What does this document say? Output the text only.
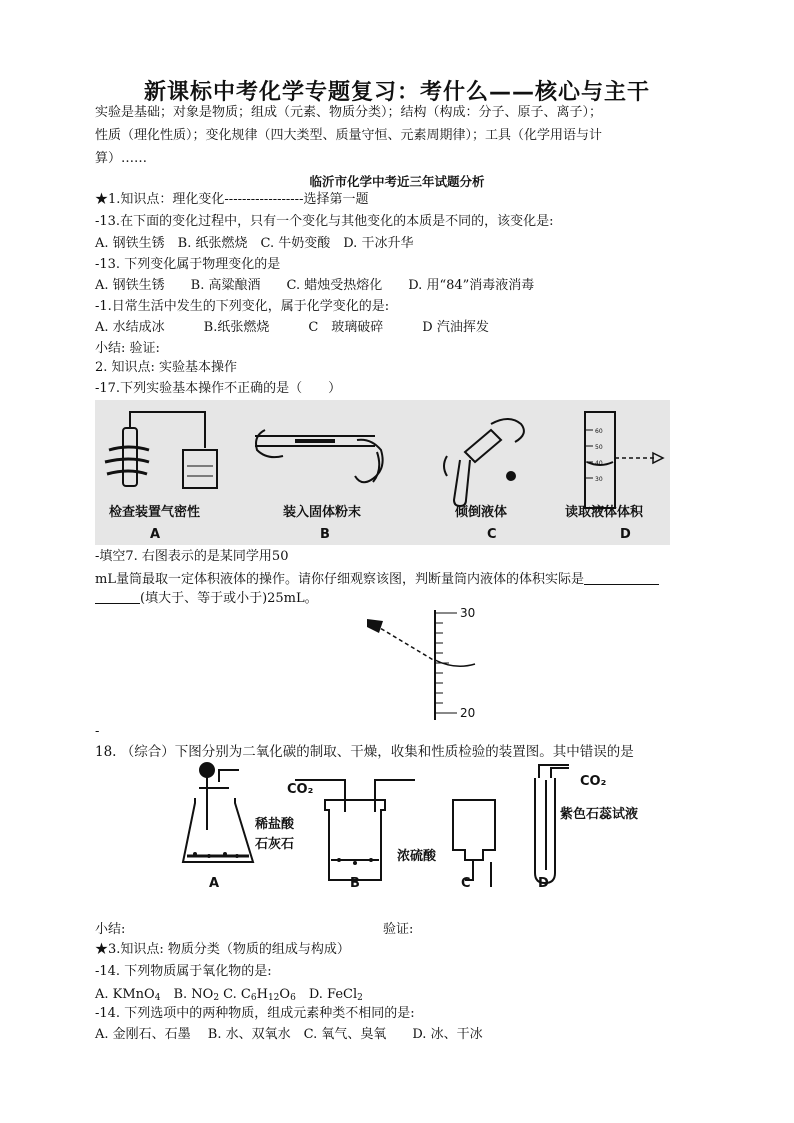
新课标中考化学专题复习：考什么——核心与主干
实验是基础；对象是物质；组成（元素、物质分类）；结构（构成：分子、原子、离子）；
性质（理化性质）；变化规律（四大类型、质量守恒、元素周期律）；工具（化学用语与计
算）……
临沂市化学中考近三年试题分析
★1.知识点：理化变化------------------选择第一题
-13.在下面的变化过程中，只有一个变化与其他变化的本质是不同的，该变化是:
A. 钢铁生锈　B. 纸张燃烧　C. 牛奶变酸　D. 干冰升华
-13. 下列变化属于物理变化的是
A. 钢铁生锈　　B. 高粱酿酒　　C. 蜡烛受热熔化　　D. 用“84”消毒液消毒
-1.日常生活中发生的下列变化，属于化学变化的是:
A. 水结成冰　　　B.纸张燃烧　　　C　玻璃破碎　　　D 汽油挥发
小结: 验证:
2. 知识点: 实验基本操作
-17.下列实验基本操作不正确的是（　　）
60
50
40
30
检查装置气密性	装入固体粉末	倾倒液体	读取液体体积
A	B	C	D
-填空7. 右图表示的是某同学用50
mL量筒最取一定体积液体的操作。请你仔细观察该图，判断量筒内液体的体积实际是
(填大于、等于或小于)25mL。
30
20
-
18. （综合）下图分别为二氧化碳的制取、干燥，收集和性质检验的装置图。其中错误的是
稀盐酸
石灰石
CO₂
浓硫酸
CO₂
紫色石蕊试液
A	B	C	D
小结:	验证:
★3.知识点: 物质分类（物质的组成与构成）
-14. 下列物质属于氧化物的是:
A. KMnO$_4$　B. $NO_2$ C. $C_6H_{12}O_6$　D. FeCl$_2$
-14. 下列选项中的两种物质，组成元素种类不相同的是:
A. 金刚石、石墨　 B. 水、双氧水　C. 氧气、臭氧　　D. 冰、干冰
